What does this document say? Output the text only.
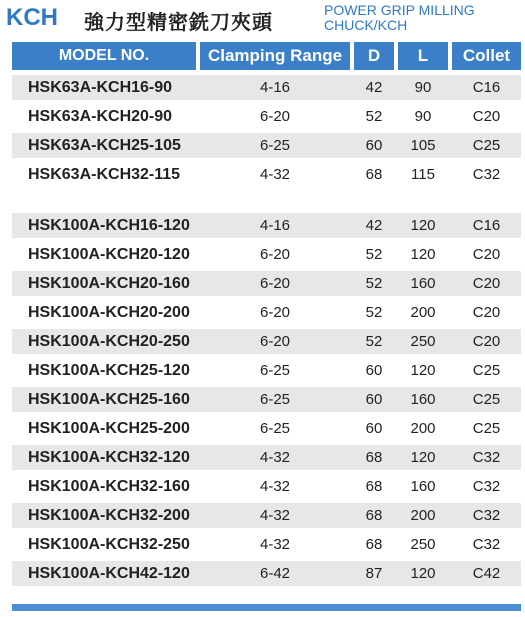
KCH 強力型精密銑刀夾頭	POWER GRIP MILLING
CHUCK/KCH
MODEL NO.	Clamping Range	D	L	Collet
HSK63A-KCH16-90	4-16	42	90	C16
HSK63A-KCH20-90	6-20	52	90	C20
HSK63A-KCH25-105	6-25	60	105	C25
HSK63A-KCH32-115	4-32	68	115	C32
HSK100A-KCH16-120	4-16	42	120	C16
HSK100A-KCH20-120	6-20	52	120	C20
HSK100A-KCH20-160	6-20	52	160	C20
HSK100A-KCH20-200	6-20	52	200	C20
HSK100A-KCH20-250	6-20	52	250	C20
HSK100A-KCH25-120	6-25	60	120	C25
HSK100A-KCH25-160	6-25	60	160	C25
HSK100A-KCH25-200	6-25	60	200	C25
HSK100A-KCH32-120	4-32	68	120	C32
HSK100A-KCH32-160	4-32	68	160	C32
HSK100A-KCH32-200	4-32	68	200	C32
HSK100A-KCH32-250	4-32	68	250	C32
HSK100A-KCH42-120	6-42	87	120	C42
